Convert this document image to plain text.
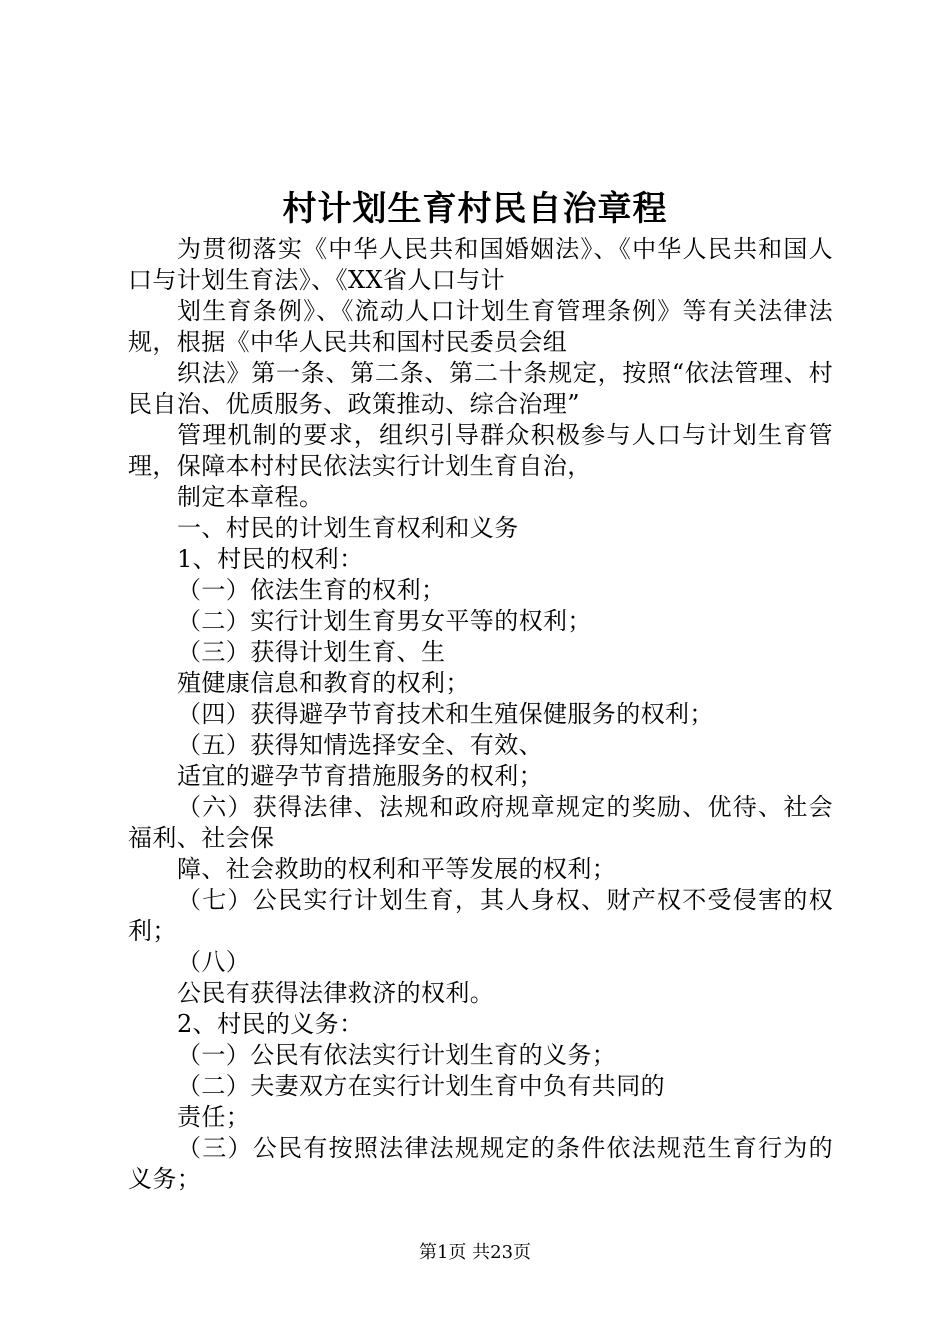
村计划生育村民自治章程

为贯彻落实《中华人民共和国婚姻法》、《中华人民共和国人口与计划生育法》、《XX省人口与计

划生育条例》、《流动人口计划生育管理条例》等有关法律法规，根据《中华人民共和国村民委员会组

织法》第一条、第二条、第二十条规定，按照“依法管理、村民自治、优质服务、政策推动、综合治理”

管理机制的要求，组织引导群众积极参与人口与计划生育管理，保障本村村民依法实行计划生育自治，

制定本章程。

一、村民的计划生育权利和义务

1、村民的权利：

（一）依法生育的权利；

（二）实行计划生育男女平等的权利；

（三）获得计划生育、生

殖健康信息和教育的权利；

（四）获得避孕节育技术和生殖保健服务的权利；

（五）获得知情选择安全、有效、

适宜的避孕节育措施服务的权利；

（六）获得法律、法规和政府规章规定的奖励、优待、社会福利、社会保

障、社会救助的权利和平等发展的权利；

（七）公民实行计划生育，其人身权、财产权不受侵害的权利；

（八）

公民有获得法律救济的权利。

2、村民的义务：

（一）公民有依法实行计划生育的义务；

（二）夫妻双方在实行计划生育中负有共同的

责任；

（三）公民有按照法律法规规定的条件依法规范生育行为的义务；

第1页 共23页
